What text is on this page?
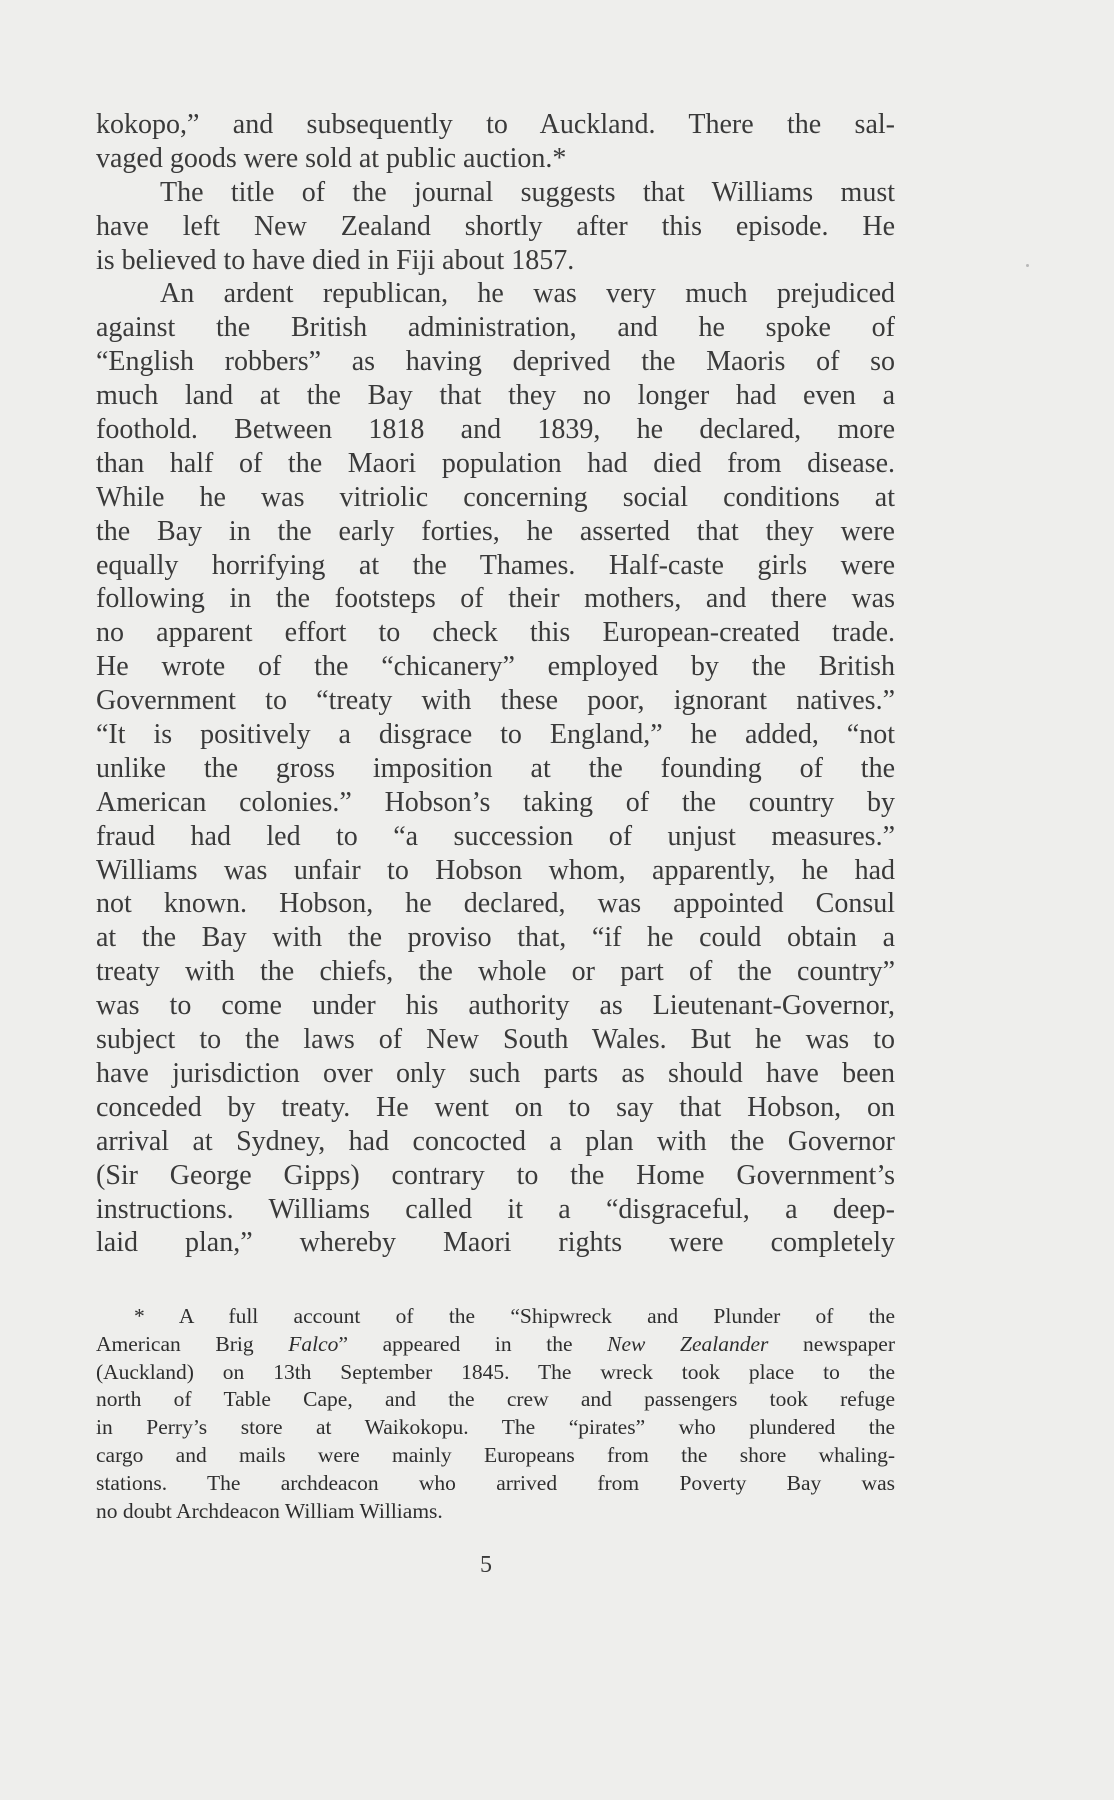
kokopo,” and subsequently to Auckland. There the sal-
vaged goods were sold at public auction.*
The title of the journal suggests that Williams must
have left New Zealand shortly after this episode. He
is believed to have died in Fiji about 1857.
An ardent republican, he was very much prejudiced
against the British administration, and he spoke of
“English robbers” as having deprived the Maoris of so
much land at the Bay that they no longer had even a
foothold. Between 1818 and 1839, he declared, more
than half of the Maori population had died from disease.
While he was vitriolic concerning social conditions at
the Bay in the early forties, he asserted that they were
equally horrifying at the Thames. Half-caste girls were
following in the footsteps of their mothers, and there was
no apparent effort to check this European-created trade.
He wrote of the “chicanery” employed by the British
Government to “treaty with these poor, ignorant natives.”
“It is positively a disgrace to England,” he added, “not
unlike the gross imposition at the founding of the
American colonies.” Hobson’s taking of the country by
fraud had led to “a succession of unjust measures.”
Williams was unfair to Hobson whom, apparently, he had
not known. Hobson, he declared, was appointed Consul
at the Bay with the proviso that, “if he could obtain a
treaty with the chiefs, the whole or part of the country”
was to come under his authority as Lieutenant-Governor,
subject to the laws of New South Wales. But he was to
have jurisdiction over only such parts as should have been
conceded by treaty. He went on to say that Hobson, on
arrival at Sydney, had concocted a plan with the Governor
(Sir George Gipps) contrary to the Home Government’s
instructions. Williams called it a “disgraceful, a deep-
laid plan,” whereby Maori rights were completely
* A full account of the “Shipwreck and Plunder of the
American Brig Falco” appeared in the New Zealander newspaper
(Auckland) on 13th September 1845. The wreck took place to the
north of Table Cape, and the crew and passengers took refuge
in Perry’s store at Waikokopu. The “pirates” who plundered the
cargo and mails were mainly Europeans from the shore whaling-
stations. The archdeacon who arrived from Poverty Bay was
no doubt Archdeacon William Williams.
5
